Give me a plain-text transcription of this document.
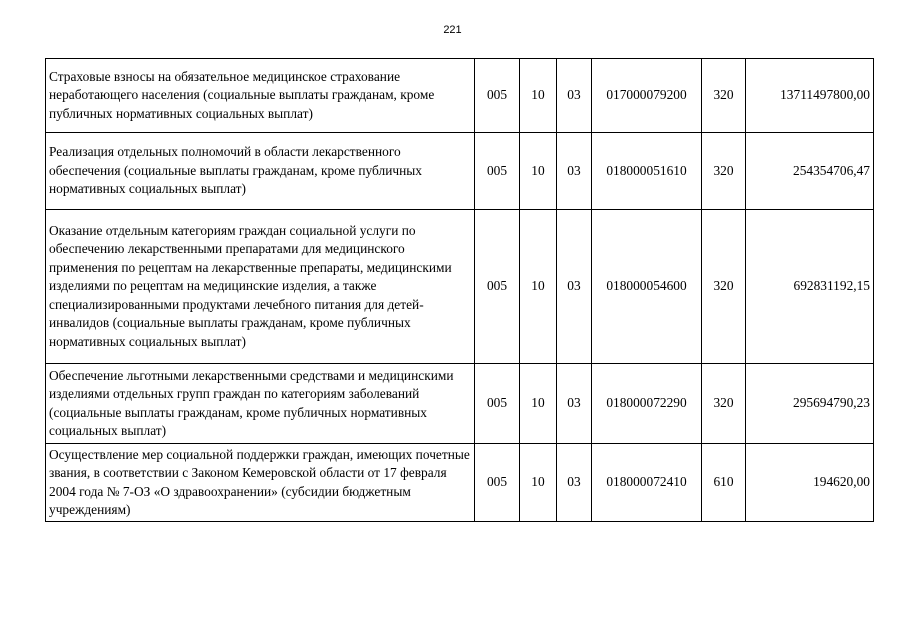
221
Страховые взносы на обязательное медицинское страхование неработающего населения (социальные выплаты гражданам, кроме публичных нормативных социальных выплат)	005	10	03	017000079200	320	13711497800,00
Реализация отдельных полномочий в области лекарственного обеспечения (социальные выплаты гражданам, кроме публичных нормативных социальных выплат)	005	10	03	018000051610	320	254354706,47
Оказание отдельным категориям граждан социальной услуги по обеспечению лекарственными препаратами для медицинского применения по рецептам на лекарственные препараты, медицинскими изделиями по рецептам на медицинские изделия, а также специализированными продуктами лечебного питания для детей-инвалидов (социальные выплаты гражданам, кроме публичных нормативных социальных выплат)	005	10	03	018000054600	320	692831192,15
Обеспечение льготными лекарственными средствами и медицинскими изделиями отдельных групп граждан по категориям заболеваний (социальные выплаты гражданам, кроме публичных нормативных социальных выплат)	005	10	03	018000072290	320	295694790,23
Осуществление мер социальной поддержки граждан, имеющих почетные звания, в соответствии с Законом Кемеровской области от 17 февраля 2004 года № 7-ОЗ «О здравоохранении» (субсидии бюджетным учреждениям)	005	10	03	018000072410	610	194620,00
